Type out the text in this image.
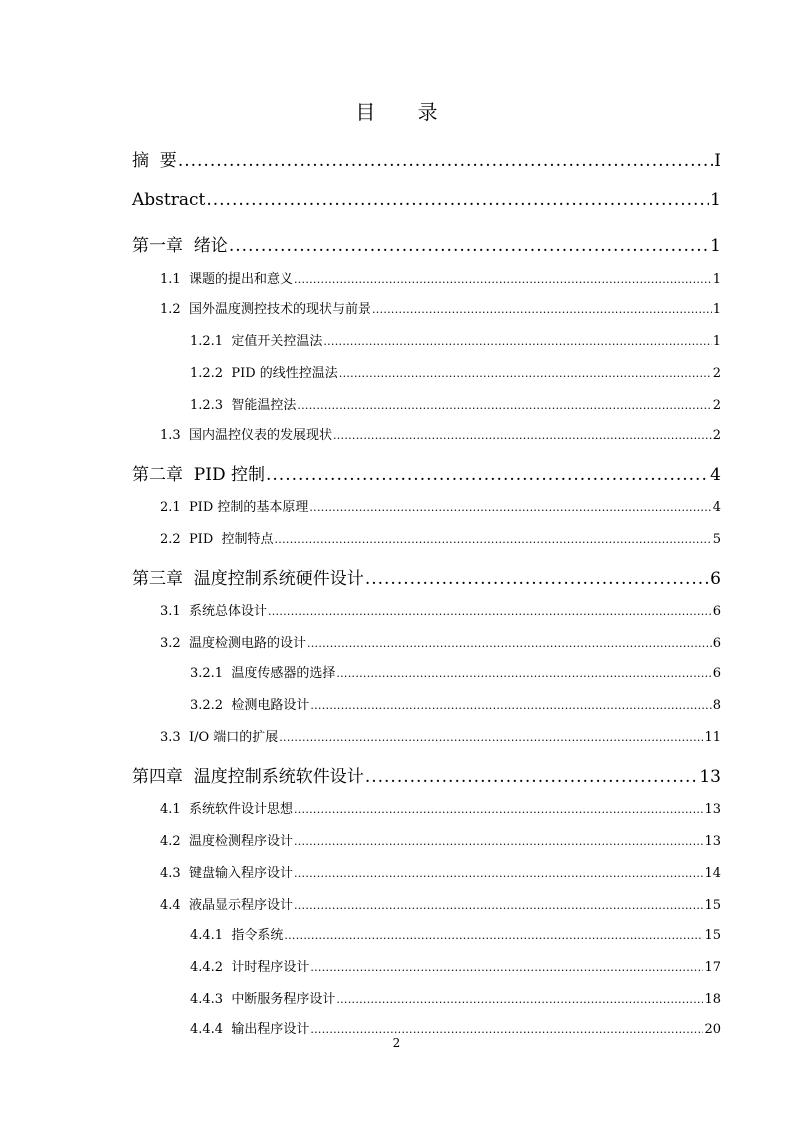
目 录
摘  要 .....	I
Abstract .....	1
第一章  绪论 .....	1
1.1  课题的提出和意义 .....	1
1.2  国外温度测控技术的现状与前景 .....	1
1.2.1  定值开关控温法 .....	1
1.2.2  PID 的线性控温法 .....	2
1.2.3  智能温控法 .....	2
1.3  国内温控仪表的发展现状 .....	2
第二章  PID 控制 .....	4
2.1  PID 控制的基本原理 .....	4
2.2  PID  控制特点 .....	5
第三章  温度控制系统硬件设计 .....	6
3.1  系统总体设计 .....	6
3.2  温度检测电路的设计 .....	6
3.2.1  温度传感器的选择 .....	6
3.2.2  检测电路设计 .....	8
3.3  I/O 端口的扩展 .....	11
第四章  温度控制系统软件设计 .....	13
4.1  系统软件设计思想 .....	13
4.2  温度检测程序设计 .....	13
4.3  键盘输入程序设计 .....	14
4.4  液晶显示程序设计 .....	15
4.4.1  指令系统 .....	15
4.4.2  计时程序设计 .....	17
4.4.3  中断服务程序设计 .....	18
4.4.4  输出程序设计 .....	20
2
